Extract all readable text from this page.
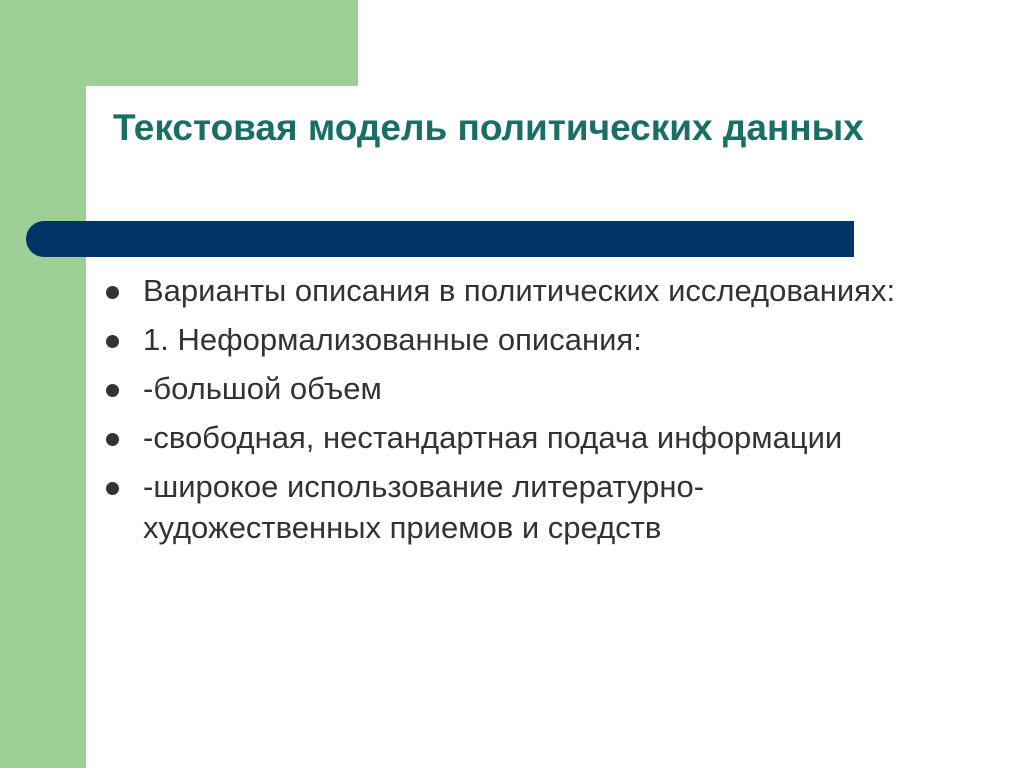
Текстовая модель политических данных
Варианты описания в политических исследованиях:
1. Неформализованные описания:
-большой объем
-свободная, нестандартная подача информации
-широкое использование литературно-художественных приемов и средств
